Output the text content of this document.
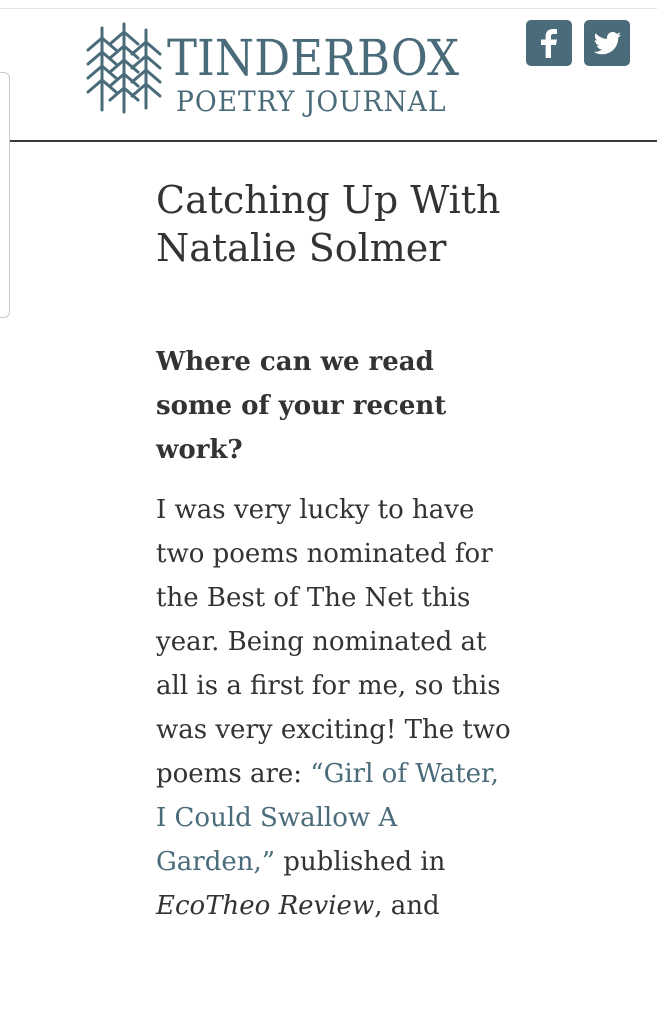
TINDERBOX
POETRY JOURNAL
Catching Up With Natalie Solmer

Where can we read some of your recent work?

I was very lucky to have two poems nominated for the Best of The Net this year. Being nominated at all is a first for me, so this was very exciting! The two poems are: “Girl of Water, I Could Swallow A Garden,” published in EcoTheo Review, and
